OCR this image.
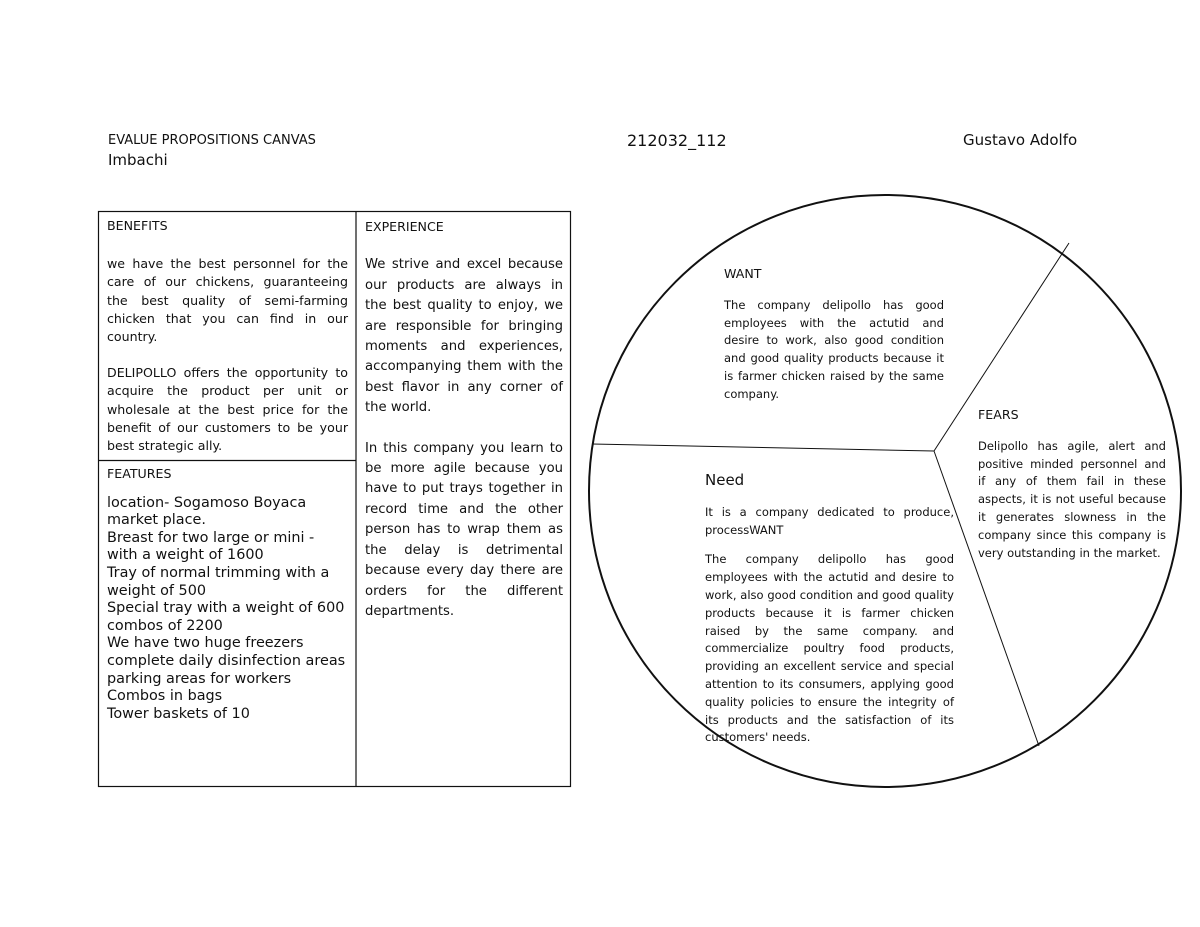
EVALUE PROPOSITIONS CANVAS
Imbachi
212032_112	Gustavo Adolfo
BENEFITS

we have the best personnel for the care of our chickens, guaranteeing the best quality of semi-farming chicken that you can find in our country.

DELIPOLLO offers the opportunity to acquire the product per unit or wholesale at the best price for the benefit of our customers to be your best strategic ally.

FEATURES
location- Sogamoso Boyaca market place.
Breast for two large or mini - with a weight of 1600
Tray of normal trimming with a weight of 500
Special tray with a weight of 600
combos of 2200
We have two huge freezers
complete daily disinfection areas
parking areas for workers
Combos in bags
Tower baskets of 10
EXPERIENCE

We strive and excel because our products are always in the best quality to enjoy, we are responsible for bringing moments and experiences, accompanying them with the best flavor in any corner of the world.

In this company you learn to be more agile because you have to put trays together in record time and the other person has to wrap them as the delay is detrimental because every day there are orders for the different departments.

WANT

The company delipollo has good employees with the actutid and desire to work, also good condition and good quality products because it is farmer chicken raised by the same company.

FEARS

Delipollo has agile, alert and positive minded personnel and if any of them fail in these aspects, it is not useful because it generates slowness in the company since this company is very outstanding in the market.

Need

It is a company dedicated to produce, processWANT

The company delipollo has good employees with the actutid and desire to work, also good condition and good quality products because it is farmer chicken raised by the same company. and commercialize poultry food products, providing an excellent service and special attention to its consumers, applying good quality policies to ensure the integrity of its products and the satisfaction of its customers' needs.
